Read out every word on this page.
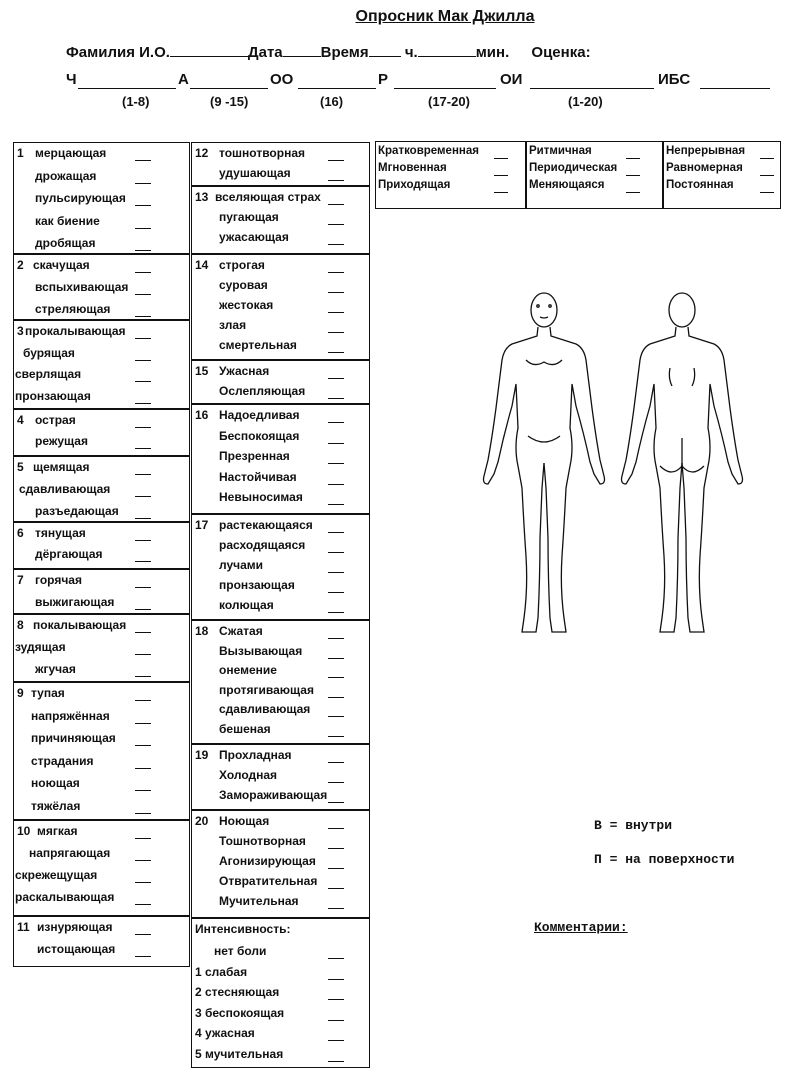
Опросник Мак Джилла
Фамилия И.О.	Дата	Время ч.	мин. Оценка:
Ч
(1-8)
А
(9 -15)
ОО
(16)
Р
(17-20)
ОИ
(1-20)
ИБС
1 мерцающая
дрожащая
пульсирующая
как биение
дробящая
2 скачущая
вспыхивающая
стреляющая
3 прокалывающая
бурящая
сверлящая
пронзающая
4 острая
режущая
5 щемящая
сдавливающая
разъедающая
6 тянущая
дёргающая
7 горячая
выжигающая
8 покалывающая
зудящая
жгучая
9 тупая
напряжённая
причиняющая
страдания
ноющая
тяжёлая
10 мягкая
напрягающая
скрежещущая
раскалывающая
11 изнуряющая
истощающая
12 тошнотворная
удушающая
13 вселяющая страх
пугающая
ужасающая
14 строгая
суровая
жестокая
злая
смертельная
15 Ужасная
Ослепляющая
16 Надоедливая
Беспокоящая
Презренная
Настойчивая
Невыносимая
17 растекающаяся
расходящаяся
лучами
пронзающая
колющая
18 Сжатая
Вызывающая
онемение
протягивающая
сдавливающая
бешеная
19 Прохладная
Холодная
Замораживающая
20 Ноющая
Тошнотворная
Агонизирующая
Отвратительная
Мучительная
Интенсивность:
нет боли
1 слабая
2 стесняющая
3 беспокоящая
4 ужасная
5 мучительная
Кратковременная
Мгновенная
Приходящая
Ритмичная
Периодическая
Меняющаяся
Непрерывная
Равномерная
Постоянная
В = внутри
П = на поверхности
Комментарии:
